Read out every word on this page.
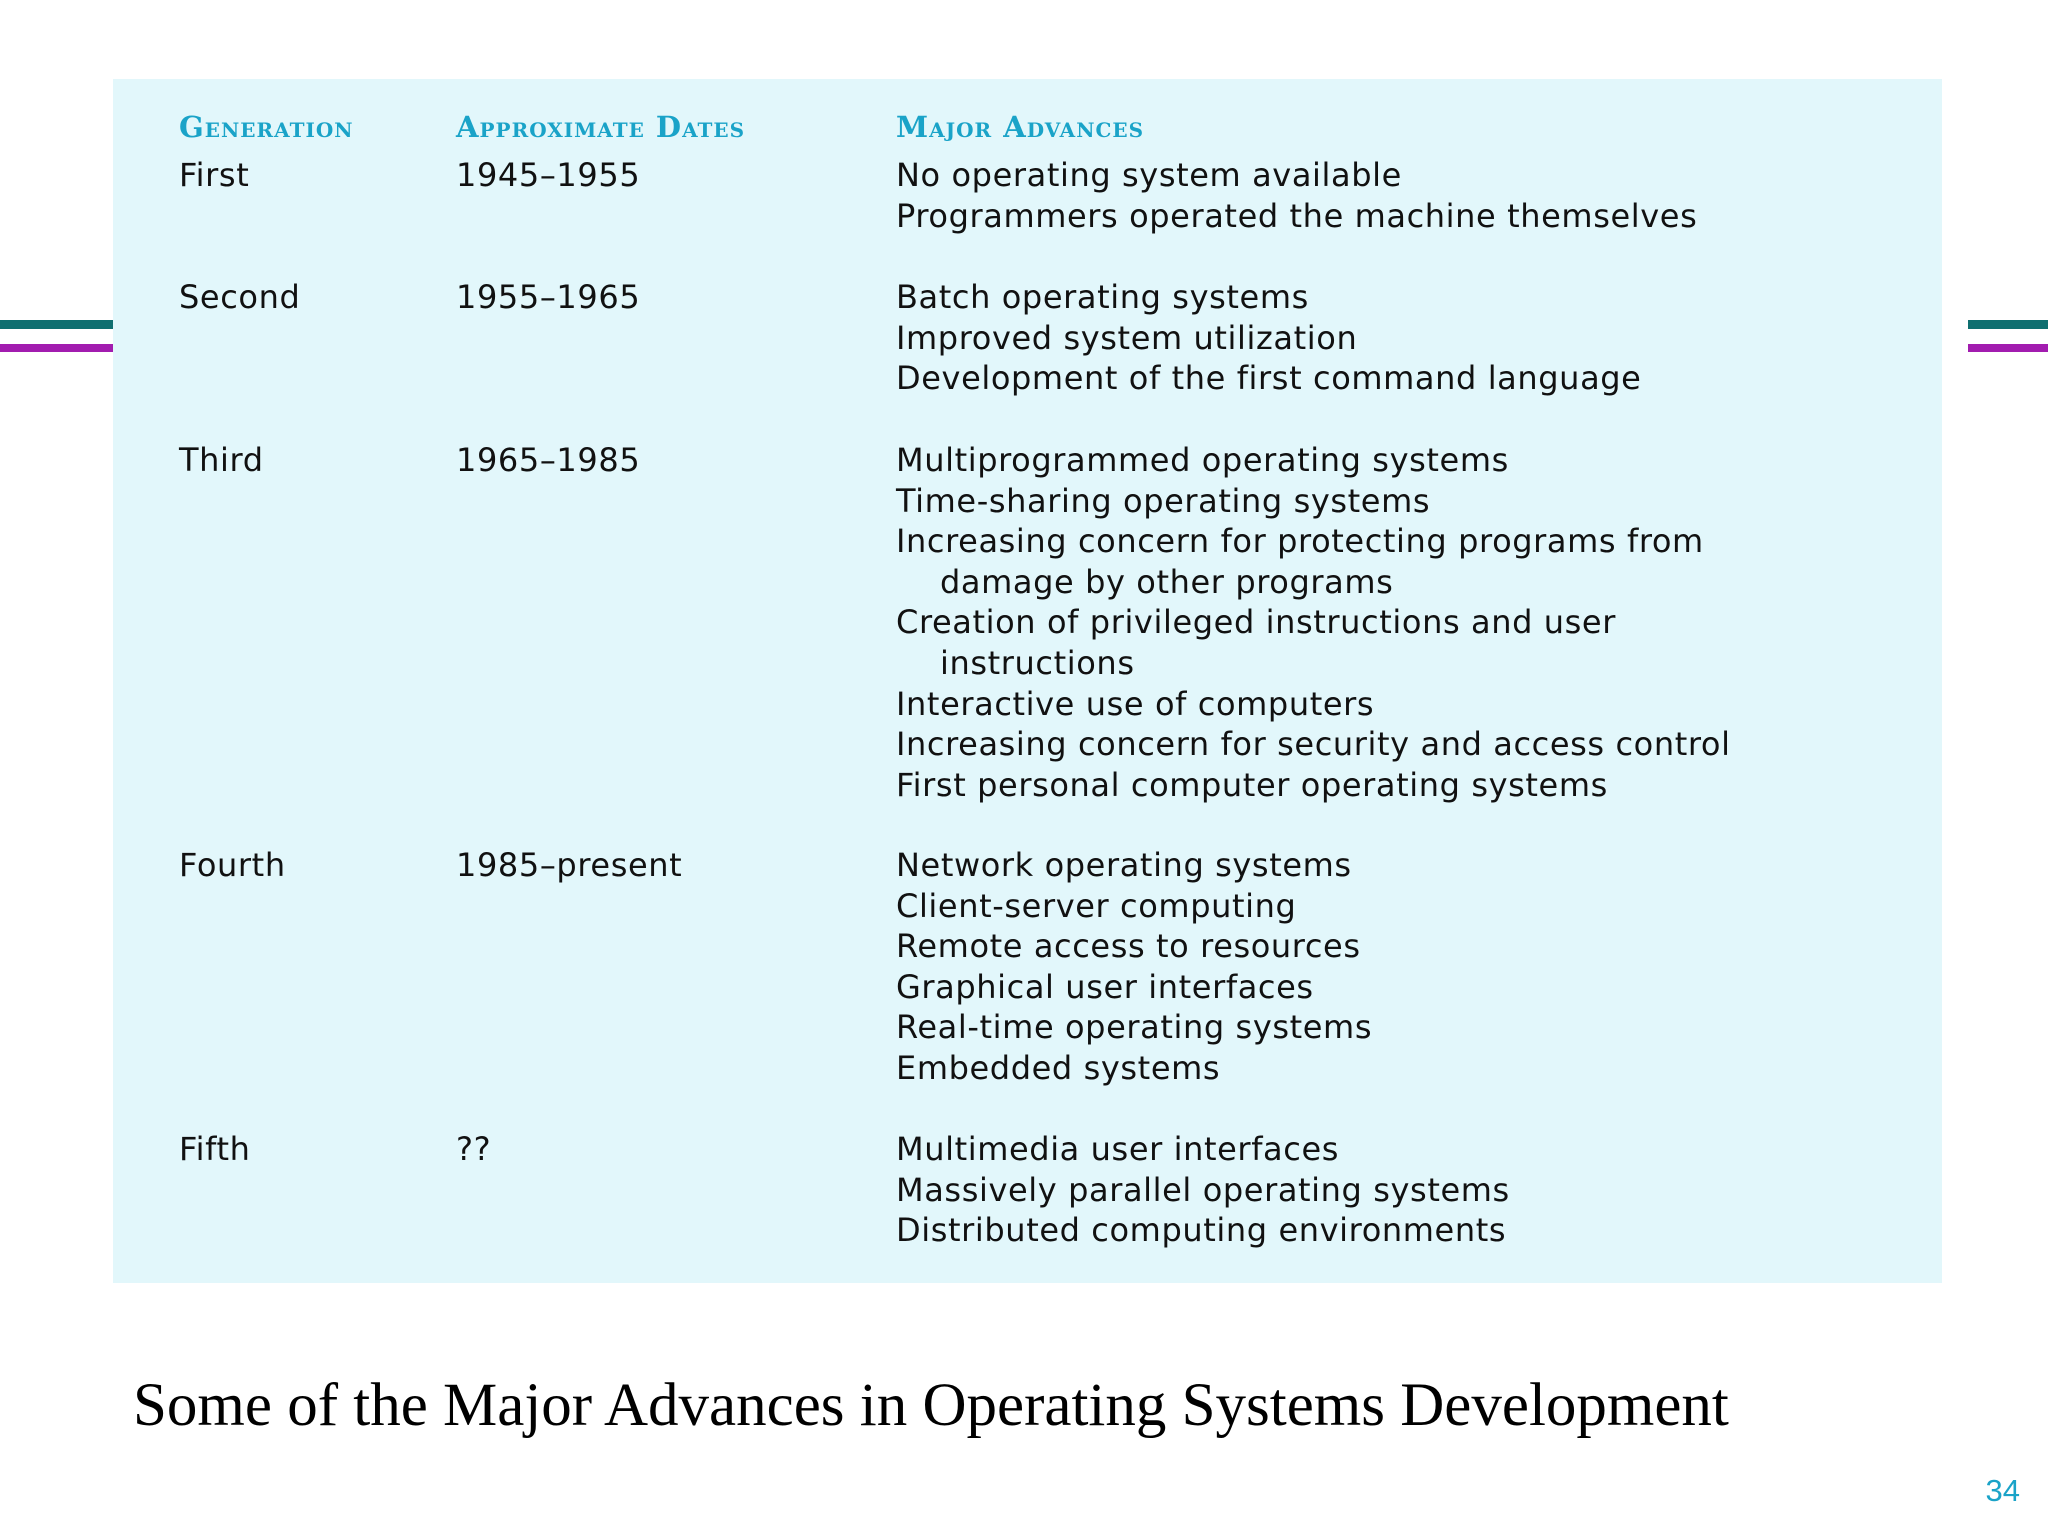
Generation	Approximate Dates	Major Advances
First	1945–1955	No operating system available
Programmers operated the machine themselves
Second	1955–1965	Batch operating systems
Improved system utilization
Development of the first command language
Third	1965–1985	Multiprogrammed operating systems
Time-sharing operating systems
Increasing concern for protecting programs from
damage by other programs
Creation of privileged instructions and user
instructions
Interactive use of computers
Increasing concern for security and access control
First personal computer operating systems
Fourth	1985–present	Network operating systems
Client-server computing
Remote access to resources
Graphical user interfaces
Real-time operating systems
Embedded systems
Fifth	??	Multimedia user interfaces
Massively parallel operating systems
Distributed computing environments
Some of the Major Advances in Operating Systems Development
34
